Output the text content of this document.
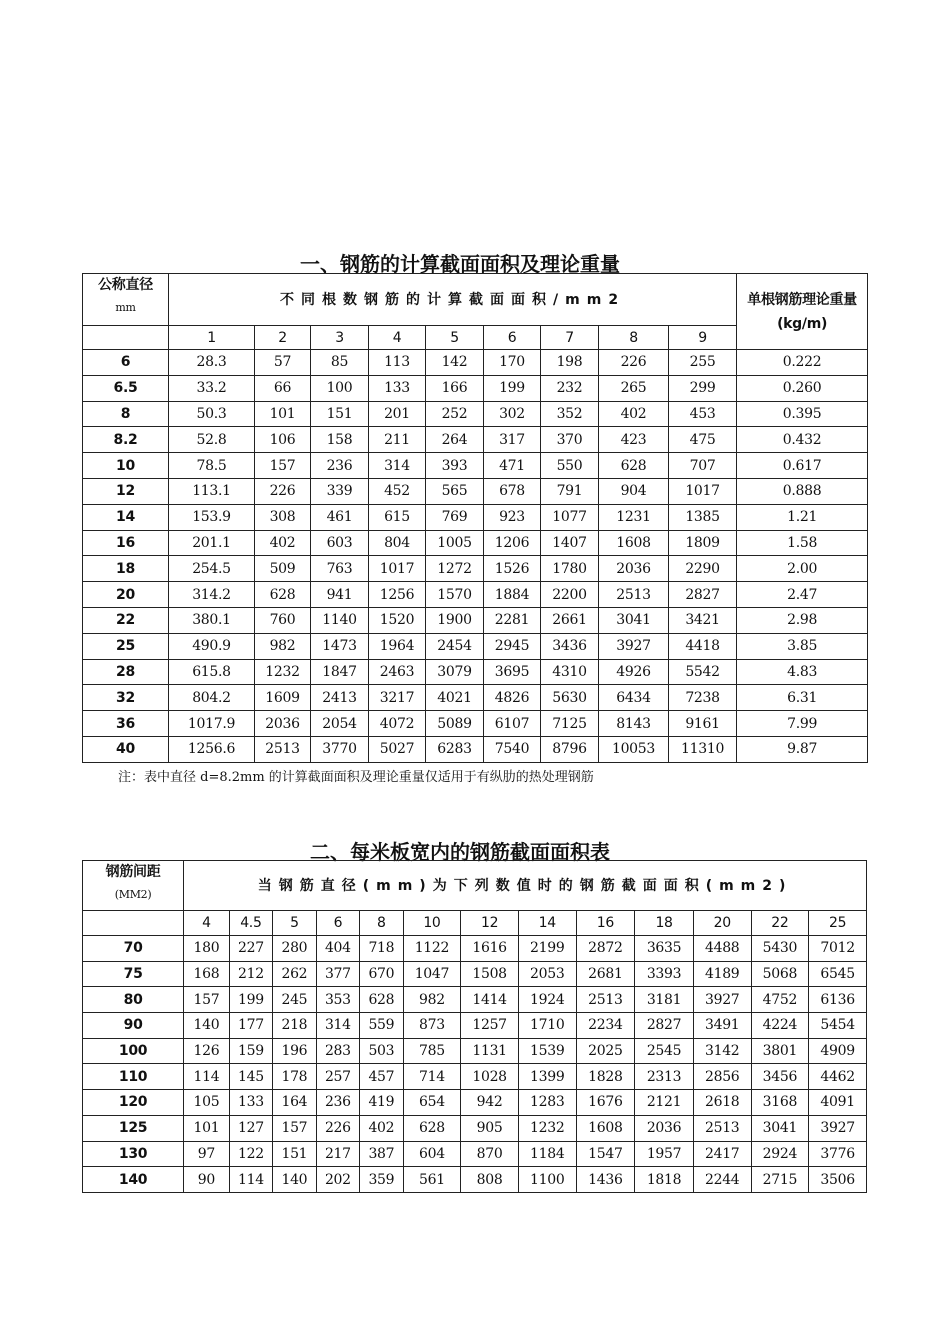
一、钢筋的计算截面面积及理论重量
公称直径
mm	不同根数钢筋的计算截面面积/mm2									单根钢筋理论重量(kg/m)
	1	2	3	4	5	6	7	8	9	
6	28.3	57	85	113	142	170	198	226	255	0.222
6.5	33.2	66	100	133	166	199	232	265	299	0.260
8	50.3	101	151	201	252	302	352	402	453	0.395
8.2	52.8	106	158	211	264	317	370	423	475	0.432
10	78.5	157	236	314	393	471	550	628	707	0.617
12	113.1	226	339	452	565	678	791	904	1017	0.888
14	153.9	308	461	615	769	923	1077	1231	1385	1.21
16	201.1	402	603	804	1005	1206	1407	1608	1809	1.58
18	254.5	509	763	1017	1272	1526	1780	2036	2290	2.00
20	314.2	628	941	1256	1570	1884	2200	2513	2827	2.47
22	380.1	760	1140	1520	1900	2281	2661	3041	3421	2.98
25	490.9	982	1473	1964	2454	2945	3436	3927	4418	3.85
28	615.8	1232	1847	2463	3079	3695	4310	4926	5542	4.83
32	804.2	1609	2413	3217	4021	4826	5630	6434	7238	6.31
36	1017.9	2036	2054	4072	5089	6107	7125	8143	9161	7.99
40	1256.6	2513	3770	5027	6283	7540	8796	10053	11310	9.87

注：表中直径 d=8.2mm 的计算截面面积及理论重量仅适用于有纵肋的热处理钢筋

二、每米板宽内的钢筋截面面积表
钢筋间距
(MM2)	当钢筋直径(mm)为下列数值时的钢筋截面面积(mm2)												
	4	4.5	5	6	8	10	12	14	16	18	20	22	25
70	180	227	280	404	718	1122	1616	2199	2872	3635	4488	5430	7012
75	168	212	262	377	670	1047	1508	2053	2681	3393	4189	5068	6545
80	157	199	245	353	628	982	1414	1924	2513	3181	3927	4752	6136
90	140	177	218	314	559	873	1257	1710	2234	2827	3491	4224	5454
100	126	159	196	283	503	785	1131	1539	2025	2545	3142	3801	4909
110	114	145	178	257	457	714	1028	1399	1828	2313	2856	3456	4462
120	105	133	164	236	419	654	942	1283	1676	2121	2618	3168	4091
125	101	127	157	226	402	628	905	1232	1608	2036	2513	3041	3927
130	97	122	151	217	387	604	870	1184	1547	1957	2417	2924	3776
140	90	114	140	202	359	561	808	1100	1436	1818	2244	2715	3506
